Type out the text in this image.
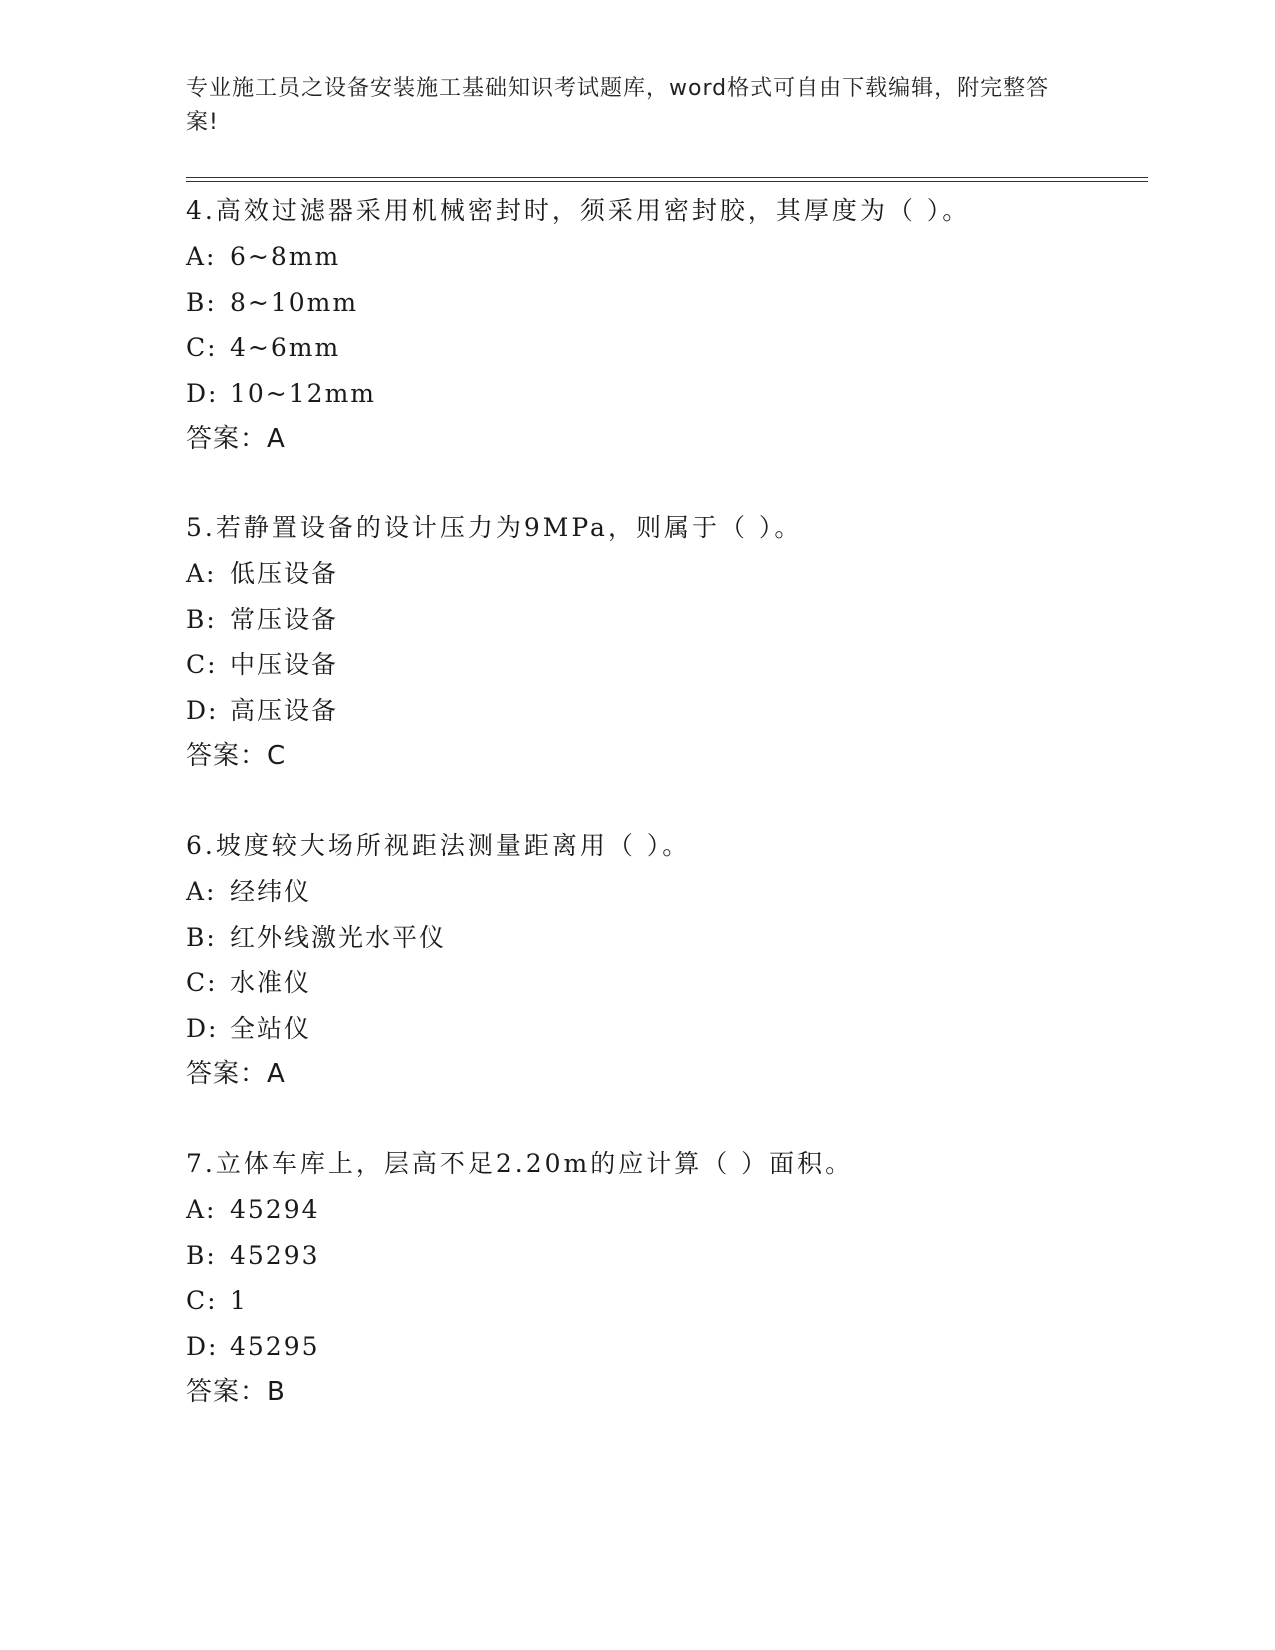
专业施工员之设备安装施工基础知识考试题库，word格式可自由下载编辑，附完整答案!
4.高效过滤器采用机械密封时，须采用密封胶，其厚度为（ ）。
A: 6~8mm
B: 8~10mm
C: 4~6mm
D: 10~12mm
答案：A
5.若静置设备的设计压力为9MPa，则属于（ ）。
A: 低压设备
B: 常压设备
C: 中压设备
D: 高压设备
答案：C
6.坡度较大场所视距法测量距离用（ ）。
A: 经纬仪
B: 红外线激光水平仪
C: 水准仪
D: 全站仪
答案：A
7.立体车库上，层高不足2.20m的应计算（ ）面积。
A: 45294
B: 45293
C: 1
D: 45295
答案：B
